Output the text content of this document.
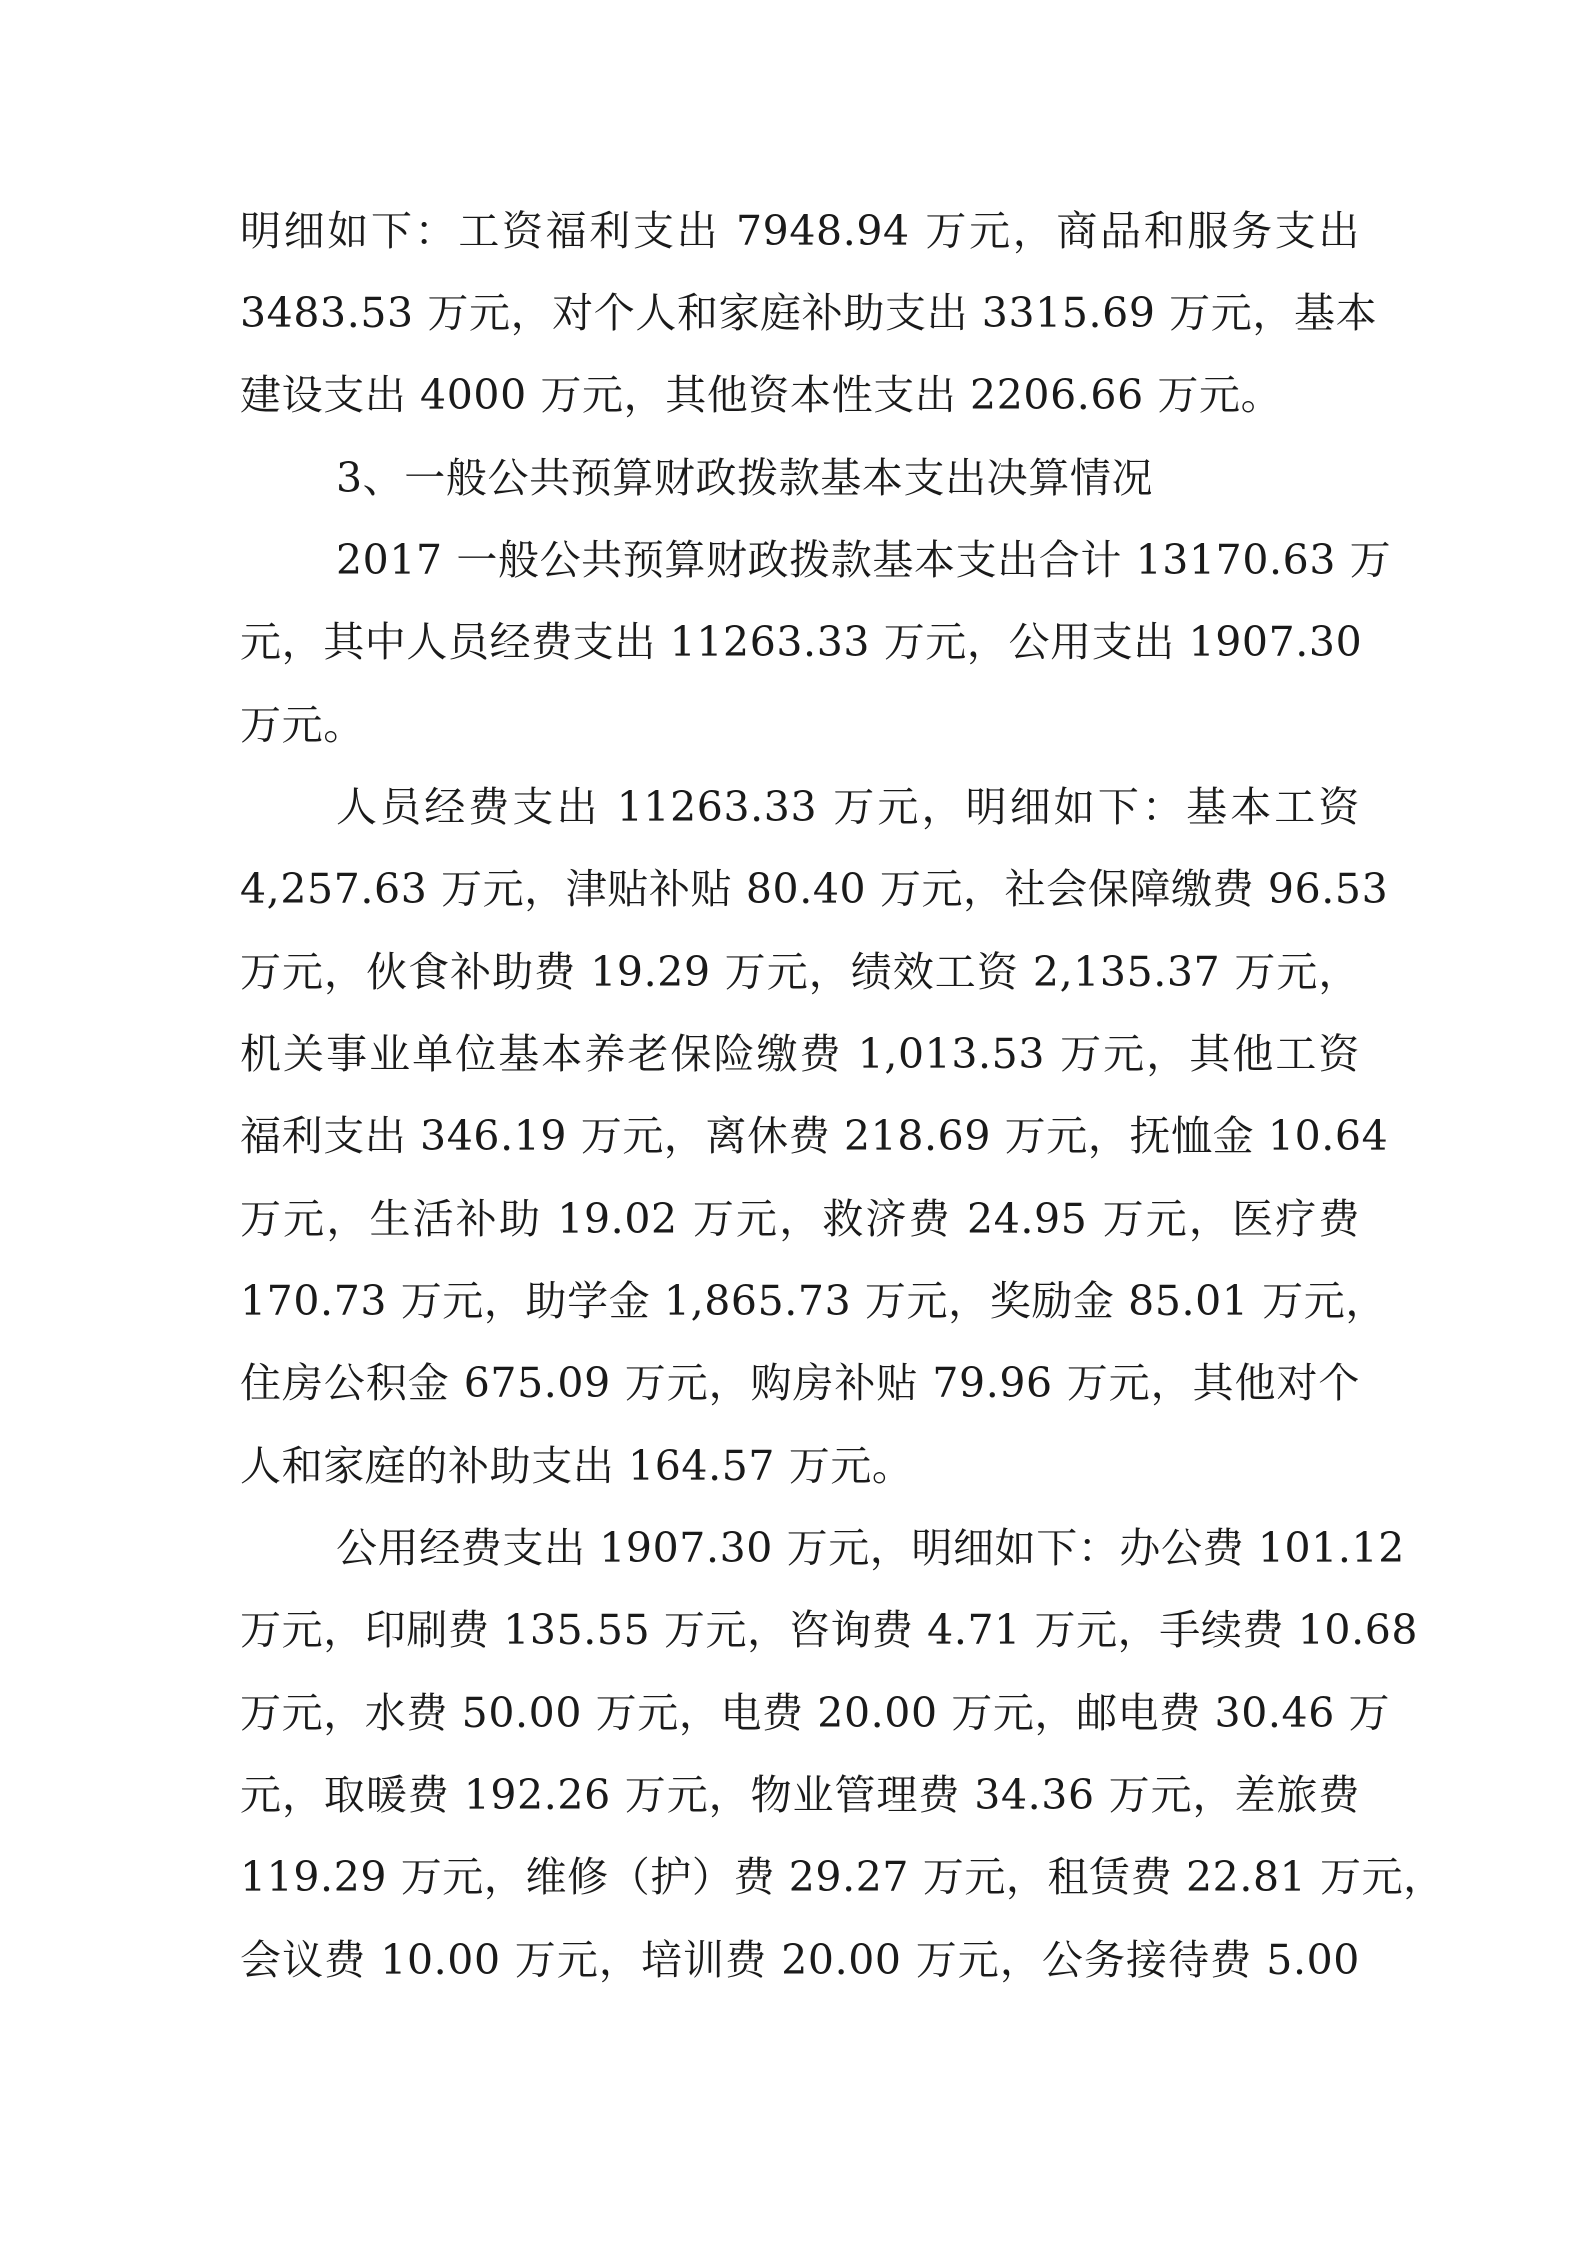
明细如下：工资福利支出 7948.94 万元，商品和服务支出
3483.53 万元，对个人和家庭补助支出 3315.69 万元，基本
建设支出 4000 万元，其他资本性支出 2206.66 万元。
3、一般公共预算财政拨款基本支出决算情况
2017 一般公共预算财政拨款基本支出合计 13170.63 万
元，其中人员经费支出 11263.33 万元，公用支出 1907.30
万元。
人员经费支出 11263.33 万元，明细如下：基本工资
4,257.63 万元，津贴补贴 80.40 万元，社会保障缴费 96.53
万元，伙食补助费 19.29 万元，绩效工资 2,135.37 万元，
机关事业单位基本养老保险缴费 1,013.53 万元，其他工资
福利支出 346.19 万元，离休费 218.69 万元，抚恤金 10.64
万元，生活补助 19.02 万元，救济费 24.95 万元，医疗费
170.73 万元，助学金 1,865.73 万元，奖励金 85.01 万元，
住房公积金 675.09 万元，购房补贴 79.96 万元，其他对个
人和家庭的补助支出 164.57 万元。
公用经费支出 1907.30 万元，明细如下：办公费 101.12
万元，印刷费 135.55 万元，咨询费 4.71 万元，手续费 10.68
万元，水费 50.00 万元，电费 20.00 万元，邮电费 30.46 万
元，取暖费 192.26 万元，物业管理费 34.36 万元，差旅费
119.29 万元，维修（护）费 29.27 万元，租赁费 22.81 万元，
会议费 10.00 万元，培训费 20.00 万元，公务接待费 5.00
